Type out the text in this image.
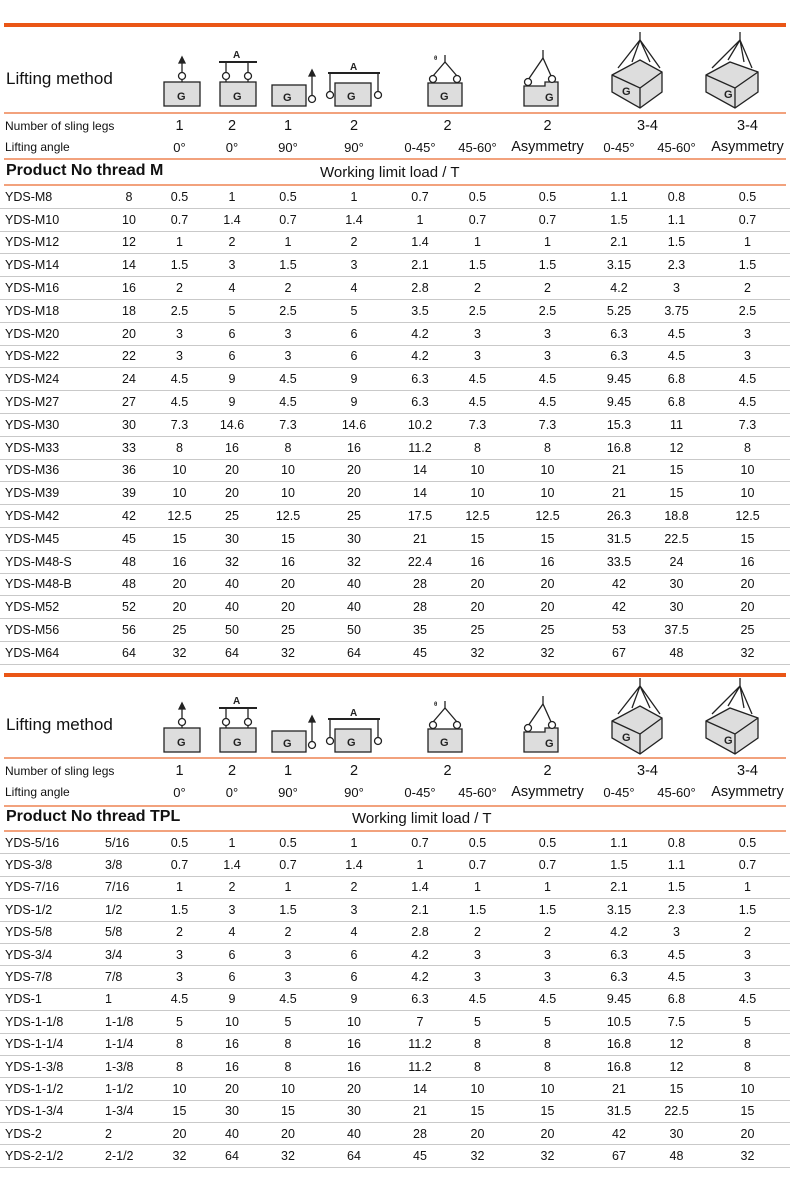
Lifting method
G	G
A
G	G
A
G
θ
G	G	G
Number of sling legs	1	2	1	2	2	2	3-4	3-4
Lifting angle	0°	0°	90°	90°	0-45°	45-60°	Asymmetry	0-45°	45-60°	Asymmetry
Product No thread M	Working limit load / T
YDS-M8	8	0.5	1	0.5	1	0.7	0.5	0.5	1.1	0.8	0.5
YDS-M10	10	0.7	1.4	0.7	1.4	1	0.7	0.7	1.5	1.1	0.7
YDS-M12	12	1	2	1	2	1.4	1	1	2.1	1.5	1
YDS-M14	14	1.5	3	1.5	3	2.1	1.5	1.5	3.15	2.3	1.5
YDS-M16	16	2	4	2	4	2.8	2	2	4.2	3	2
YDS-M18	18	2.5	5	2.5	5	3.5	2.5	2.5	5.25	3.75	2.5
YDS-M20	20	3	6	3	6	4.2	3	3	6.3	4.5	3
YDS-M22	22	3	6	3	6	4.2	3	3	6.3	4.5	3
YDS-M24	24	4.5	9	4.5	9	6.3	4.5	4.5	9.45	6.8	4.5
YDS-M27	27	4.5	9	4.5	9	6.3	4.5	4.5	9.45	6.8	4.5
YDS-M30	30	7.3	14.6	7.3	14.6	10.2	7.3	7.3	15.3	11	7.3
YDS-M33	33	8	16	8	16	11.2	8	8	16.8	12	8
YDS-M36	36	10	20	10	20	14	10	10	21	15	10
YDS-M39	39	10	20	10	20	14	10	10	21	15	10
YDS-M42	42	12.5	25	12.5	25	17.5	12.5	12.5	26.3	18.8	12.5
YDS-M45	45	15	30	15	30	21	15	15	31.5	22.5	15
YDS-M48-S	48	16	32	16	32	22.4	16	16	33.5	24	16
YDS-M48-B	48	20	40	20	40	28	20	20	42	30	20
YDS-M52	52	20	40	20	40	28	20	20	42	30	20
YDS-M56	56	25	50	25	50	35	25	25	53	37.5	25
YDS-M64	64	32	64	32	64	45	32	32	67	48	32
Lifting method
G	G
A
G	G
A
G
θ
G	G	G
Number of sling legs	1	2	1	2	2	2	3-4	3-4
Lifting angle	0°	0°	90°	90°	0-45°	45-60°	Asymmetry	0-45°	45-60°	Asymmetry
Product No thread TPL	Working limit load / T
YDS-5/16	5/16	0.5	1	0.5	1	0.7	0.5	0.5	1.1	0.8	0.5
YDS-3/8	3/8	0.7	1.4	0.7	1.4	1	0.7	0.7	1.5	1.1	0.7
YDS-7/16	7/16	1	2	1	2	1.4	1	1	2.1	1.5	1
YDS-1/2	1/2	1.5	3	1.5	3	2.1	1.5	1.5	3.15	2.3	1.5
YDS-5/8	5/8	2	4	2	4	2.8	2	2	4.2	3	2
YDS-3/4	3/4	3	6	3	6	4.2	3	3	6.3	4.5	3
YDS-7/8	7/8	3	6	3	6	4.2	3	3	6.3	4.5	3
YDS-1	1	4.5	9	4.5	9	6.3	4.5	4.5	9.45	6.8	4.5
YDS-1-1/8	1-1/8	5	10	5	10	7	5	5	10.5	7.5	5
YDS-1-1/4	1-1/4	8	16	8	16	11.2	8	8	16.8	12	8
YDS-1-3/8	1-3/8	8	16	8	16	11.2	8	8	16.8	12	8
YDS-1-1/2	1-1/2	10	20	10	20	14	10	10	21	15	10
YDS-1-3/4	1-3/4	15	30	15	30	21	15	15	31.5	22.5	15
YDS-2	2	20	40	20	40	28	20	20	42	30	20
YDS-2-1/2	2-1/2	32	64	32	64	45	32	32	67	48	32
